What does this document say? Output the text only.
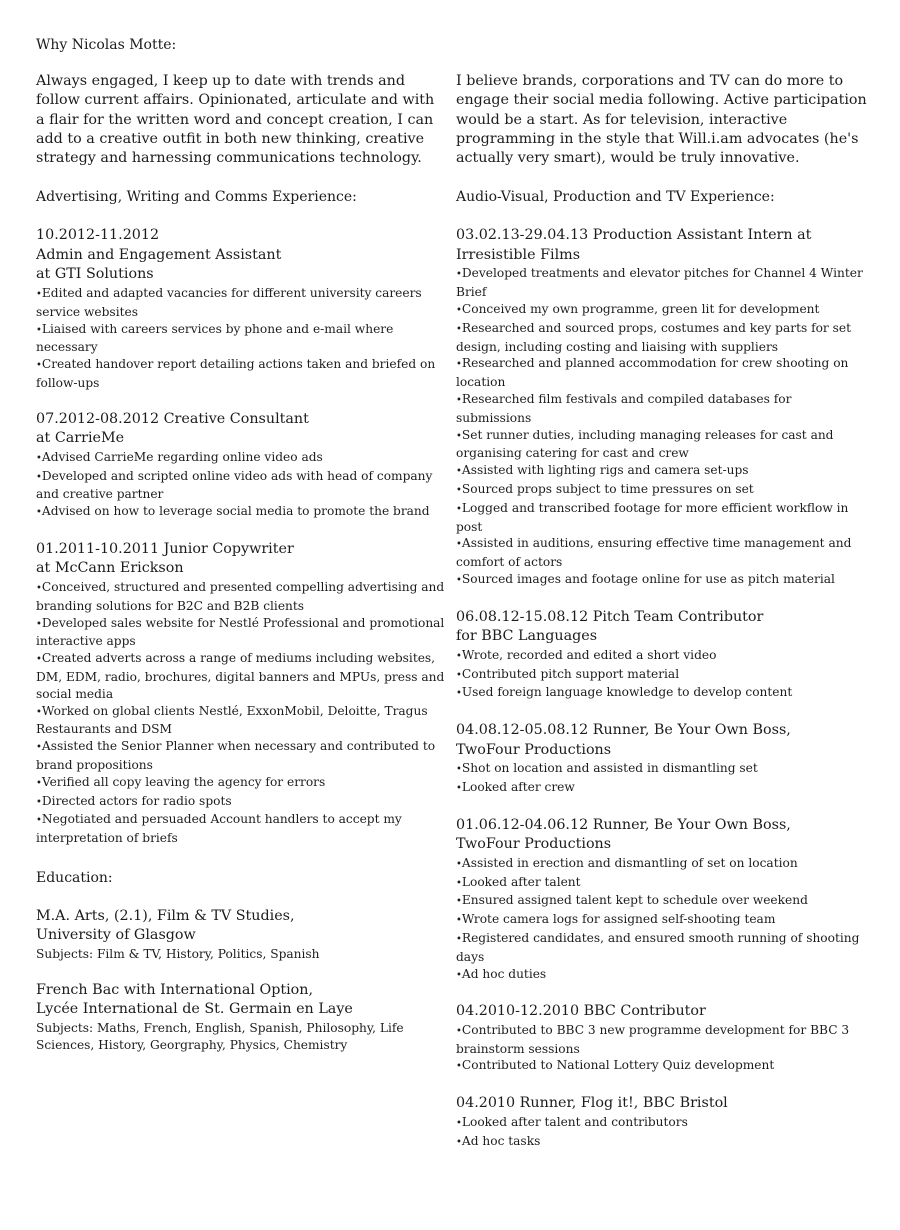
Why Nicolas Motte:
Always engaged, I keep up to date with trends and follow current affairs. Opinionated, articulate and with a flair for the written word and concept creation, I can add to a creative outfit in both new thinking, creative strategy and harnessing communications technology.
Advertising, Writing and Comms Experience:
10.2012-11.2012
Admin and Engagement Assistant
at GTI Solutions
• Edited and adapted vacancies for different university careers service websites
• Liaised with careers services by phone and e-mail where necessary
• Created handover report detailing actions taken and briefed on follow-ups
07.2012-08.2012 Creative Consultant
at CarrieMe
• Advised CarrieMe regarding online video ads
• Developed and scripted online video ads with head of company and creative partner
• Advised on how to leverage social media to promote the brand
01.2011-10.2011 Junior Copywriter
at McCann Erickson
• Conceived, structured and presented compelling advertising and branding solutions for B2C and B2B clients
• Developed sales website for Nestlé Professional and promotional interactive apps
• Created adverts across a range of mediums including websites, DM, EDM, radio, brochures, digital banners and MPUs, press and social media
• Worked on global clients Nestlé, ExxonMobil, Deloitte, Tragus Restaurants and DSM
• Assisted the Senior Planner when necessary and contributed to brand propositions
• Verified all copy leaving the agency for errors
• Directed actors for radio spots
• Negotiated and persuaded Account handlers to accept my interpretation of briefs
Education:
M.A. Arts, (2.1), Film & TV Studies,
University of Glasgow
Subjects: Film & TV, History, Politics, Spanish
French Bac with International Option,
Lycée International de St. Germain en Laye
Subjects: Maths, French, English, Spanish, Philosophy, Life Sciences, History, Georgraphy, Physics, Chemistry
I believe brands, corporations and TV can do more to engage their social media following. Active participation would be a start. As for television, interactive programming in the style that Will.i.am advocates (he's actually very smart), would be truly innovative.
Audio-Visual, Production and TV Experience:
03.02.13-29.04.13 Production Assistant Intern at
Irresistible Films
• Developed treatments and elevator pitches for Channel 4 Winter Brief
• Conceived my own programme, green lit for development
• Researched and sourced props, costumes and key parts for set design, including costing and liaising with suppliers
• Researched and planned accommodation for crew shooting on location
• Researched film festivals and compiled databases for submissions
• Set runner duties, including managing releases for cast and organising catering for cast and crew
• Assisted with lighting rigs and camera set-ups
• Sourced props subject to time pressures on set
• Logged and transcribed footage for more efficient workflow in post
• Assisted in auditions, ensuring effective time management and comfort of actors
• Sourced images and footage online for use as pitch material
06.08.12-15.08.12 Pitch Team Contributor
for BBC Languages
• Wrote, recorded and edited a short video
• Contributed pitch support material
• Used foreign language knowledge to develop content
04.08.12-05.08.12 Runner, Be Your Own Boss,
TwoFour Productions
• Shot on location and assisted in dismantling set
• Looked after crew
01.06.12-04.06.12 Runner, Be Your Own Boss,
TwoFour Productions
• Assisted in erection and dismantling of set on location
• Looked after talent
• Ensured assigned talent kept to schedule over weekend
• Wrote camera logs for assigned self-shooting team
• Registered candidates, and ensured smooth running of shooting days
• Ad hoc duties
04.2010-12.2010 BBC Contributor
• Contributed to BBC 3 new programme development for BBC 3 brainstorm sessions
• Contributed to National Lottery Quiz development
04.2010 Runner, Flog it!, BBC Bristol
• Looked after talent and contributors
• Ad hoc tasks
